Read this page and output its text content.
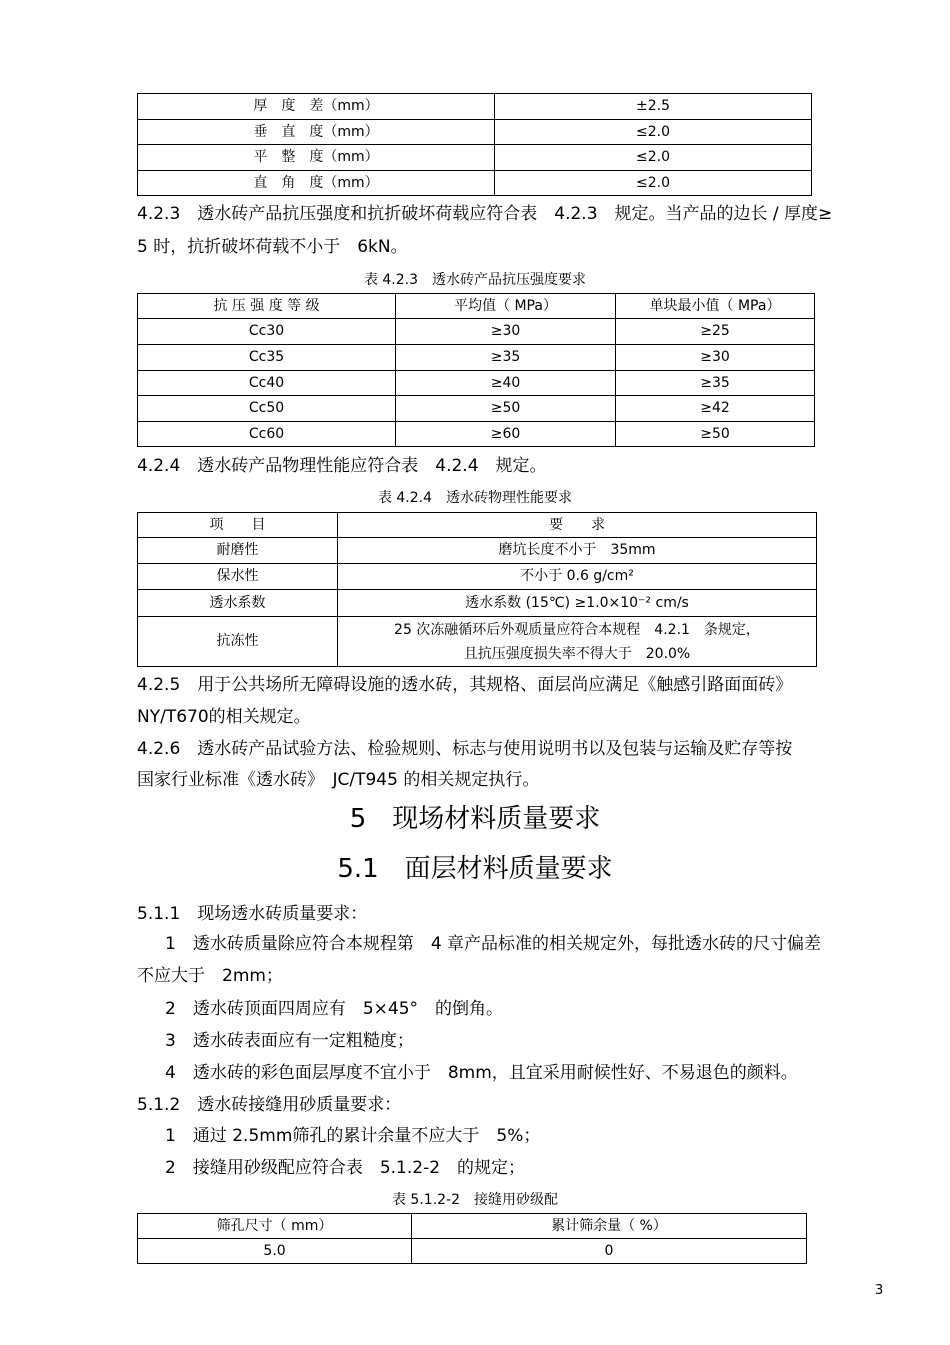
厚　度　差（mm）	±2.5
垂　直　度（mm）	≤2.0
平　整　度（mm）	≤2.0
直　角　度（mm）	≤2.0
4.2.3　透水砖产品抗压强度和抗折破坏荷载应符合表　4.2.3　规定。当产品的边长 / 厚度≥
5 时，抗折破坏荷载不小于　6kN。
表 4.2.3　透水砖产品抗压强度要求
抗 压 强 度 等 级	平均值（ MPa）	单块最小值（ MPa）
Cc30	≥30	≥25
Cc35	≥35	≥30
Cc40	≥40	≥35
Cc50	≥50	≥42
Cc60	≥60	≥50
4.2.4　透水砖产品物理性能应符合表　4.2.4　规定。
表 4.2.4　透水砖物理性能要求
项　　目	要　　求
耐磨性	磨坑长度不小于　35mm
保水性	不小于 0.6 g/cm²
透水系数	透水系数 (15℃) ≥1.0×10⁻² cm/s
抗冻性	25 次冻融循环后外观质量应符合本规程　4.2.1　条规定，
且抗压强度损失率不得大于　20.0%
4.2.5　用于公共场所无障碍设施的透水砖，其规格、面层尚应满足《触感引路面面砖》
NY/T670的相关规定。
4.2.6　透水砖产品试验方法、检验规则、标志与使用说明书以及包装与运输及贮存等按
国家行业标准《透水砖》　JC/T945 的相关规定执行。
5　现场材料质量要求
5.1　面层材料质量要求
5.1.1　现场透水砖质量要求：
1　透水砖质量除应符合本规程第　4 章产品标准的相关规定外，每批透水砖的尺寸偏差
不应大于　2mm；
2　透水砖顶面四周应有　5×45°　的倒角。
3　透水砖表面应有一定粗糙度；
4　透水砖的彩色面层厚度不宜小于　8mm，且宜采用耐候性好、不易退色的颜料。
5.1.2　透水砖接缝用砂质量要求：
1　通过 2.5mm筛孔的累计余量不应大于　5%；
2　接缝用砂级配应符合表　5.1.2-2　的规定；
表 5.1.2-2　接缝用砂级配
筛孔尺寸（ mm）	累计筛余量（ %）
5.0	0
3
